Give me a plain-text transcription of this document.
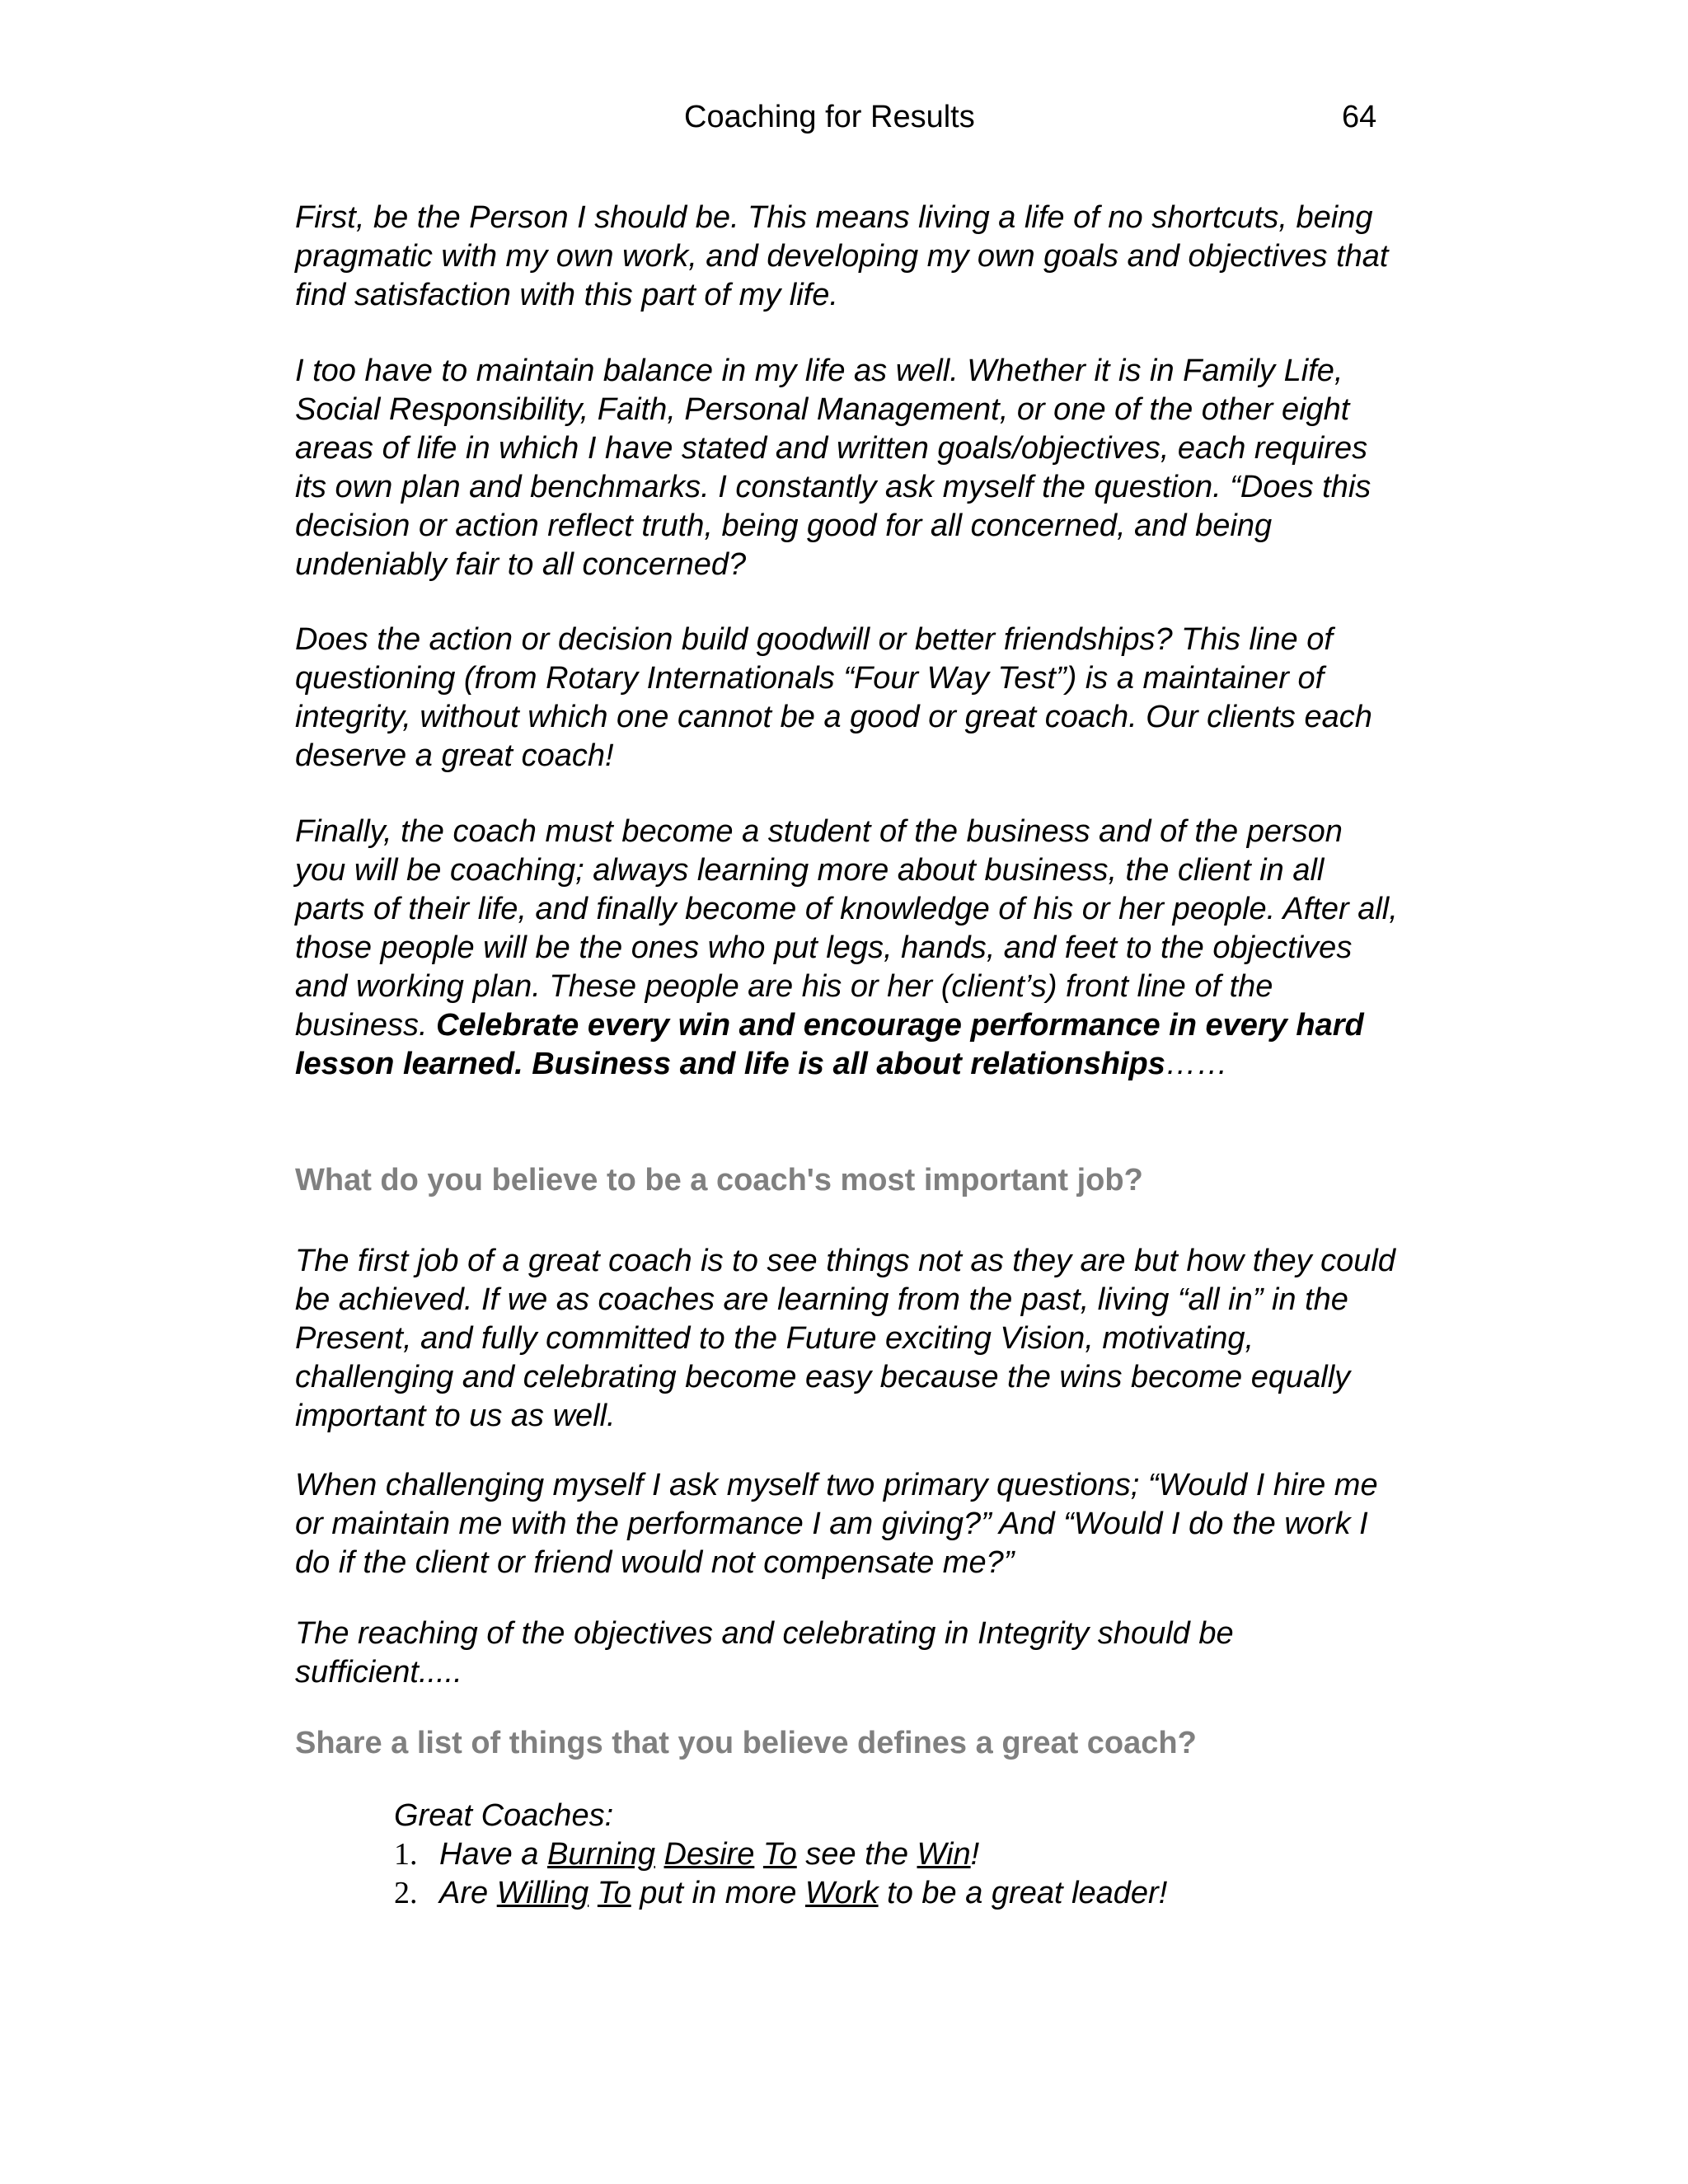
Coaching for Results	64

First, be the Person I should be. This means living a life of no shortcuts, being pragmatic with my own work, and developing my own goals and objectives that find satisfaction with this part of my life.

I too have to maintain balance in my life as well. Whether it is in Family Life, Social Responsibility, Faith, Personal Management, or one of the other eight areas of life in which I have stated and written goals/objectives, each requires its own plan and benchmarks. I constantly ask myself the question. “Does this decision or action reflect truth, being good for all concerned, and being undeniably fair to all concerned?

Does the action or decision build goodwill or better friendships? This line of questioning (from Rotary Internationals “Four Way Test”) is a maintainer of integrity, without which one cannot be a good or great coach. Our clients each deserve a great coach!

Finally, the coach must become a student of the business and of the person you will be coaching; always learning more about business, the client in all parts of their life, and finally become of knowledge of his or her people. After all, those people will be the ones who put legs, hands, and feet to the objectives and working plan. These people are his or her (client’s) front line of the business. Celebrate every win and encourage performance in every hard lesson learned. Business and life is all about relationships……

What do you believe to be a coach's most important job?

The first job of a great coach is to see things not as they are but how they could be achieved. If we as coaches are learning from the past, living “all in” in the Present, and fully committed to the Future exciting Vision, motivating, challenging and celebrating become easy because the wins become equally important to us as well.

When challenging myself I ask myself two primary questions; “Would I hire me or maintain me with the performance I am giving?” And “Would I do the work I do if the client or friend would not compensate me?”

The reaching of the objectives and celebrating in Integrity should be sufficient.....

Share a list of things that you believe defines a great coach?

Great Coaches:
1. Have a Burning Desire To see the Win!
2. Are Willing To put in more Work to be a great leader!
